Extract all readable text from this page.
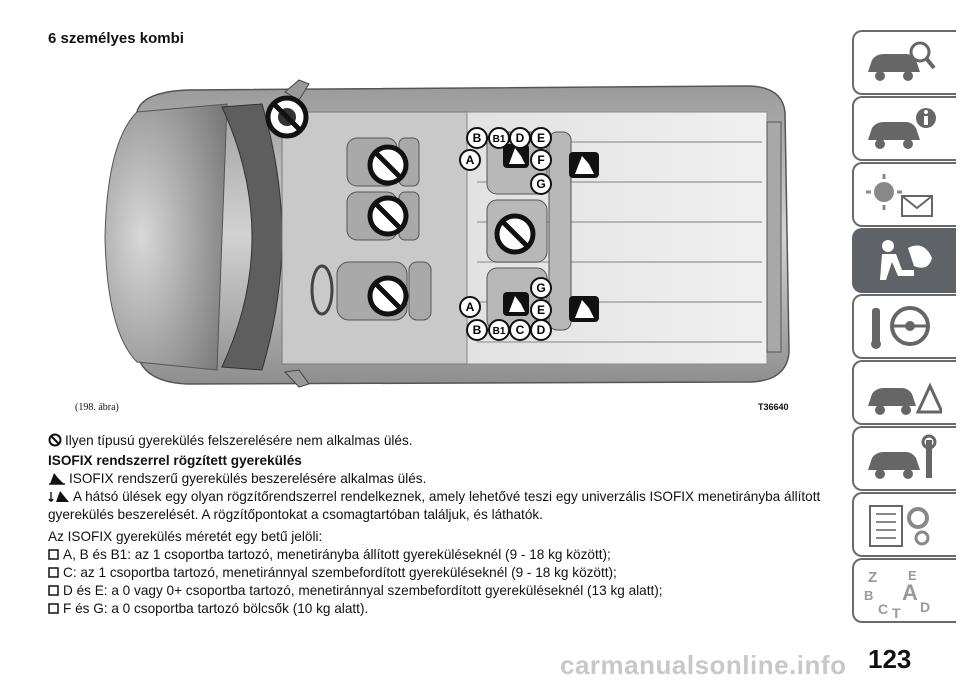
6 személyes kombi
B B1 D E
A	F
G
G
E
A
B B1 C D
(198. ábra)	T36640

Ilyen típusú gyerekülés felszerelésére nem alkalmas ülés.

ISOFIX rendszerrel rögzített gyerekülés

ISOFIX rendszerű gyerekülés beszerelésére alkalmas ülés.

A hátsó ülések egy olyan rögzítőrendszerrel rendelkeznek, amely lehetővé teszi egy univerzális ISOFIX menetirányba állított

gyerekülés beszerelését. A rögzítőpontokat a csomagtartóban találjuk, és láthatók.

Az ISOFIX gyerekülés méretét egy betű jelöli:

A, B és B1: az 1 csoportba tartozó, menetirányba állított gyereküléseknél (9 - 18 kg között);

C: az 1 csoportba tartozó, menetiránnyal szembefordított gyereküléseknél (9 - 18 kg között);

D és E: a 0 vagy 0+ csoportba tartozó, menetiránnyal szembefordított gyereküléseknél (13 kg alatt);

F és G: a 0 csoportba tartozó bölcsők (10 kg alatt).

Z E
B A
C D
T
carmanualsonline.info 123
